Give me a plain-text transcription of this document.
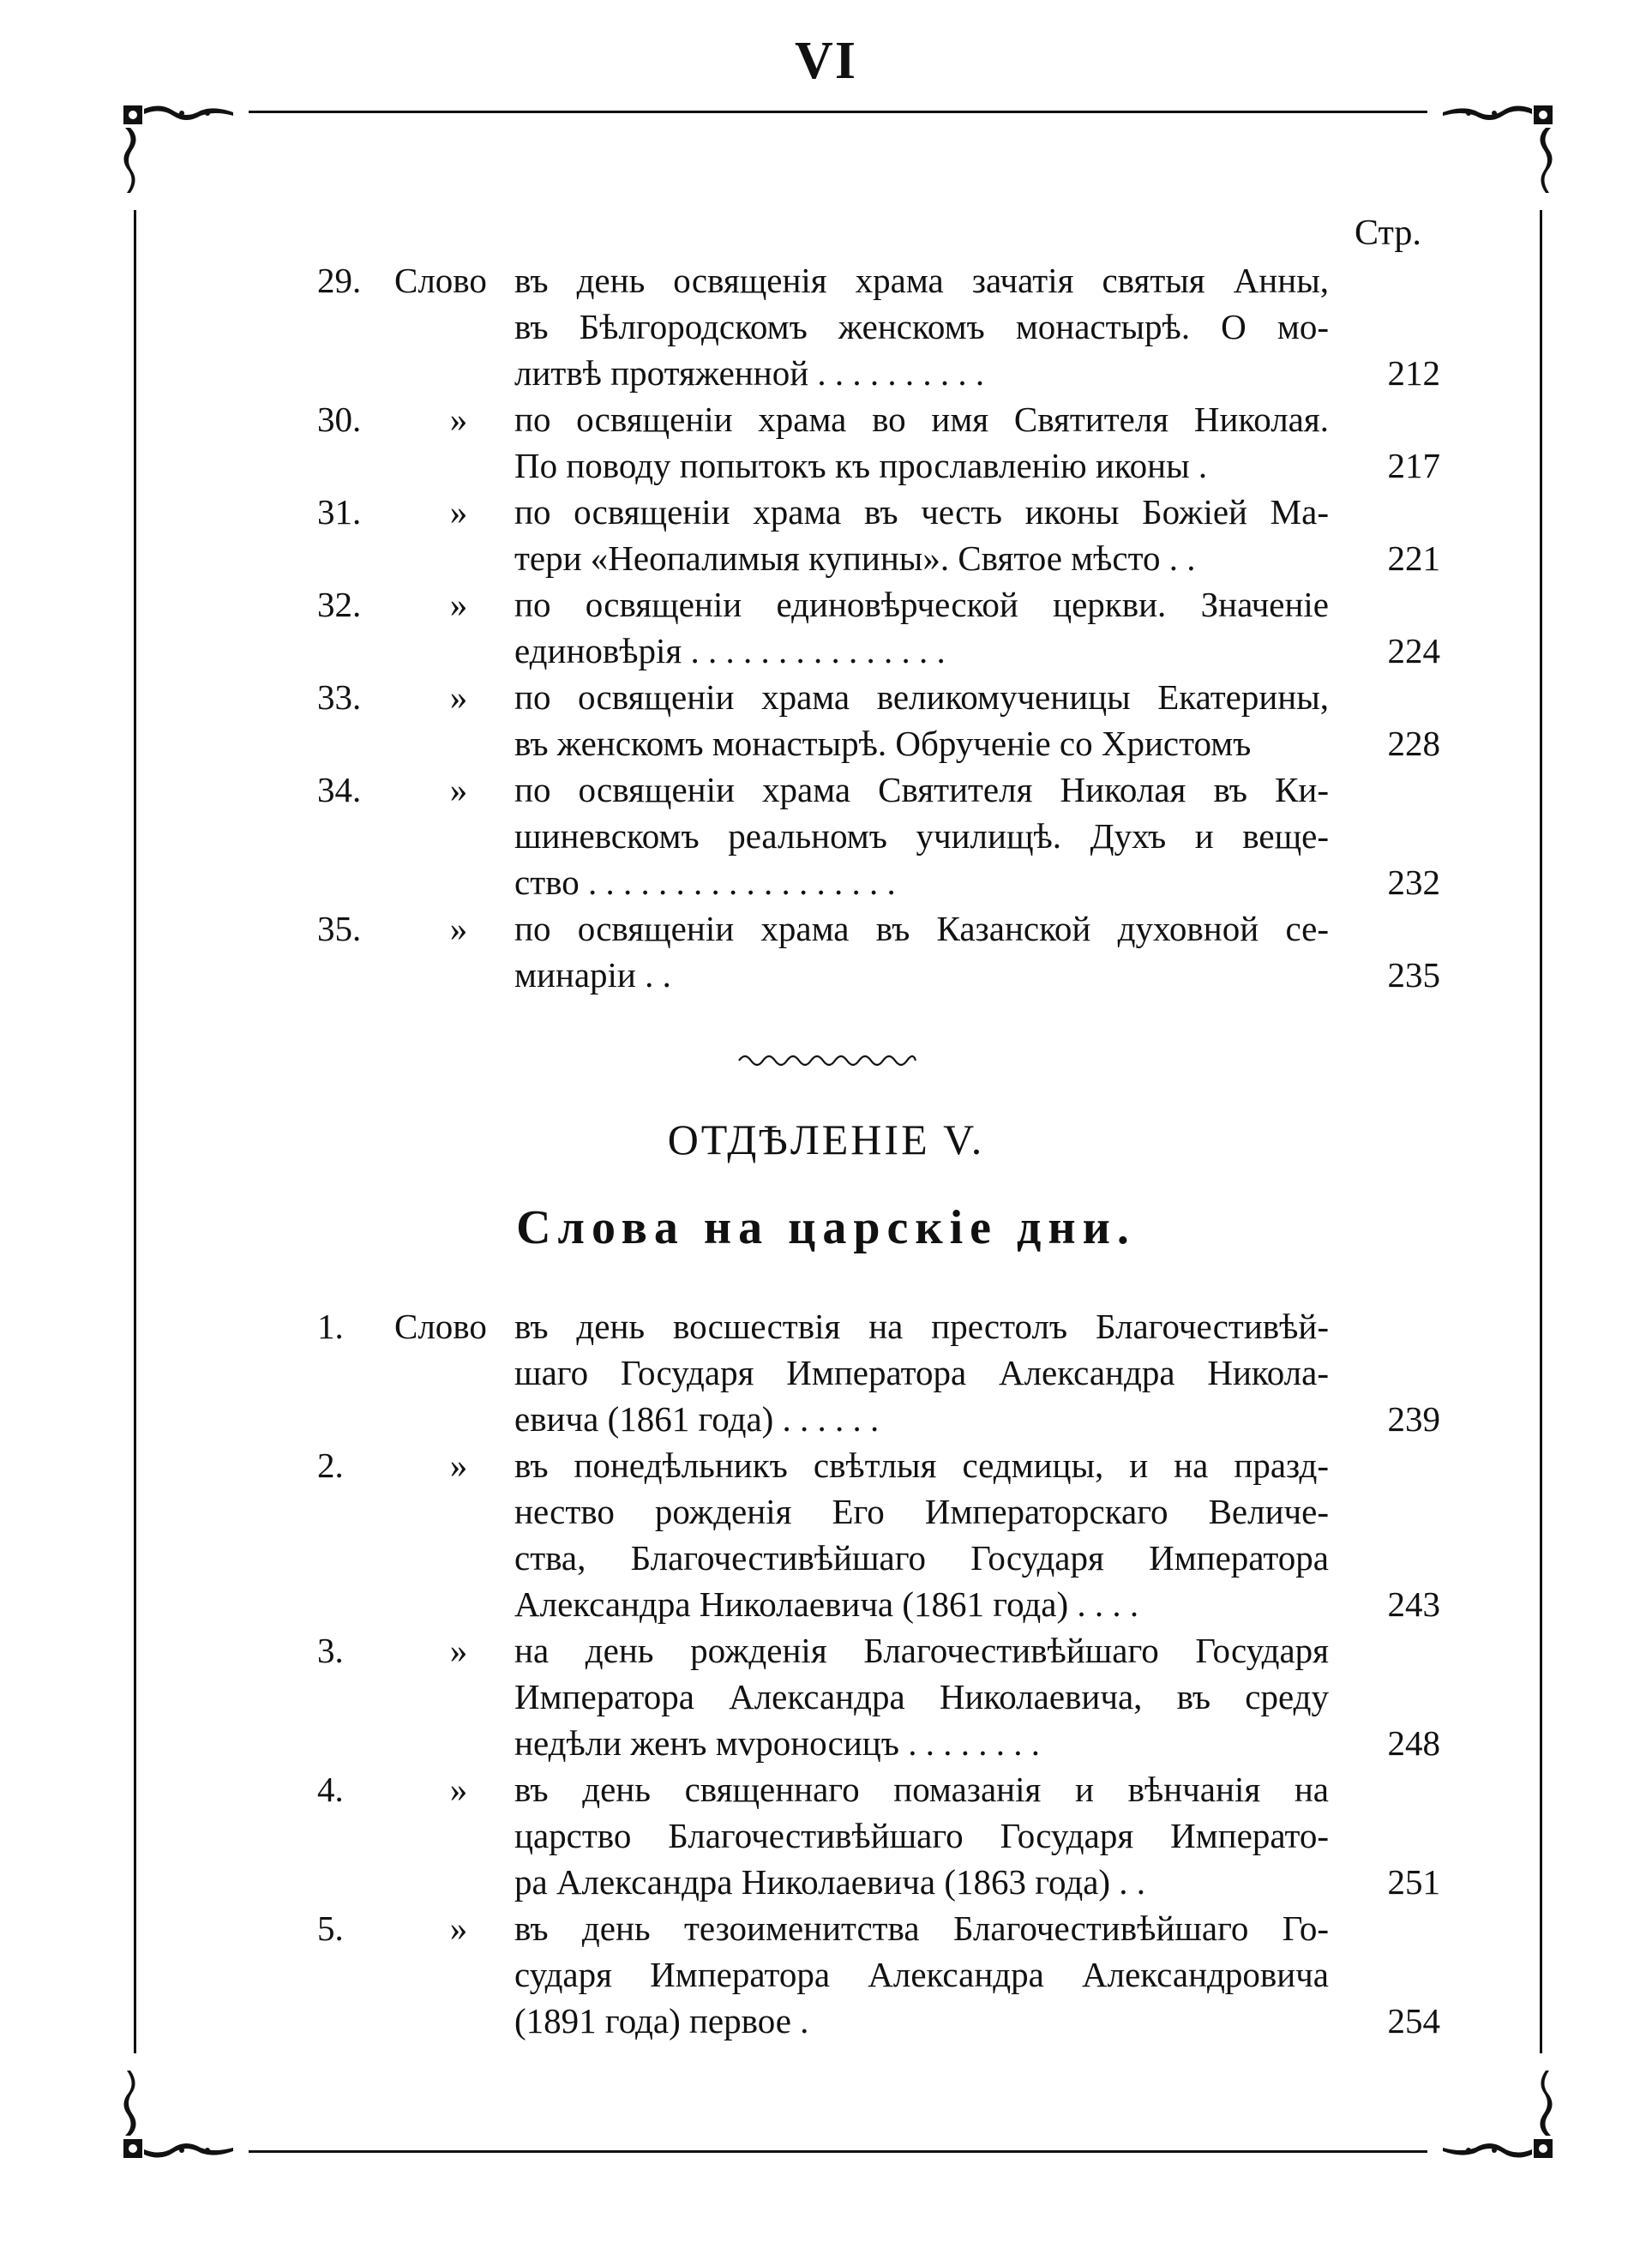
VI
Стр.
29. Слово въ день освященія храма зачатія святыя Анны,
въ Бѣлгородскомъ женскомъ монастырѣ. О мо-
литвѣ протяженной . . . . . . . . . .	212
30.	»	по освященіи храма во имя Святителя Николая.
По поводу попытокъ къ прославленію иконы .	217
31.	»	по освященіи храма въ честь иконы Божіей Ма-
тери «Неопалимыя купины». Святое мѣсто . .	221
32.	»	по освященіи единовѣрческой церкви. Значеніе
единовѣрія . . . . . . . . . . . . . . .	224
33.	»	по освященіи храма великомученицы Екатерины,
въ женскомъ монастырѣ. Обрученіе со Христомъ	228
34.	»	по освященіи храма Святителя Николая въ Ки-
шиневскомъ реальномъ училищѣ. Духъ и веще-
ство . . . . . . . . . . . . . . . . . .	232
35.	»	по освященіи храма въ Казанской духовной се-
минаріи . .	235
ОТДѢЛЕНІЕ V.
Слова на царскіе дни.
1.	Слово въ день восшествія на престолъ Благочестивѣй-
шаго Государя Императора Александра Никола-
евича (1861 года) . . . . . .	239
2.	»	въ понедѣльникъ свѣтлыя седмицы, и на празд-
нество рожденія Его Императорскаго Величе-
ства, Благочестивѣйшаго Государя Императора
Александра Николаевича (1861 года) . . . .	243
3.	»	на день рожденія Благочестивѣйшаго Государя
Императора Александра Николаевича, въ среду
недѣли женъ мvроносицъ . . . . . . . .	248
4.	»	въ день священнаго помазанія и вѣнчанія на
царство Благочестивѣйшаго Государя Императо-
ра Александра Николаевича (1863 года) . .	251
5.	»	въ день тезоименитства Благочестивѣйшаго Го-
сударя Императора Александра Александровича
(1891 года) первое .	254
